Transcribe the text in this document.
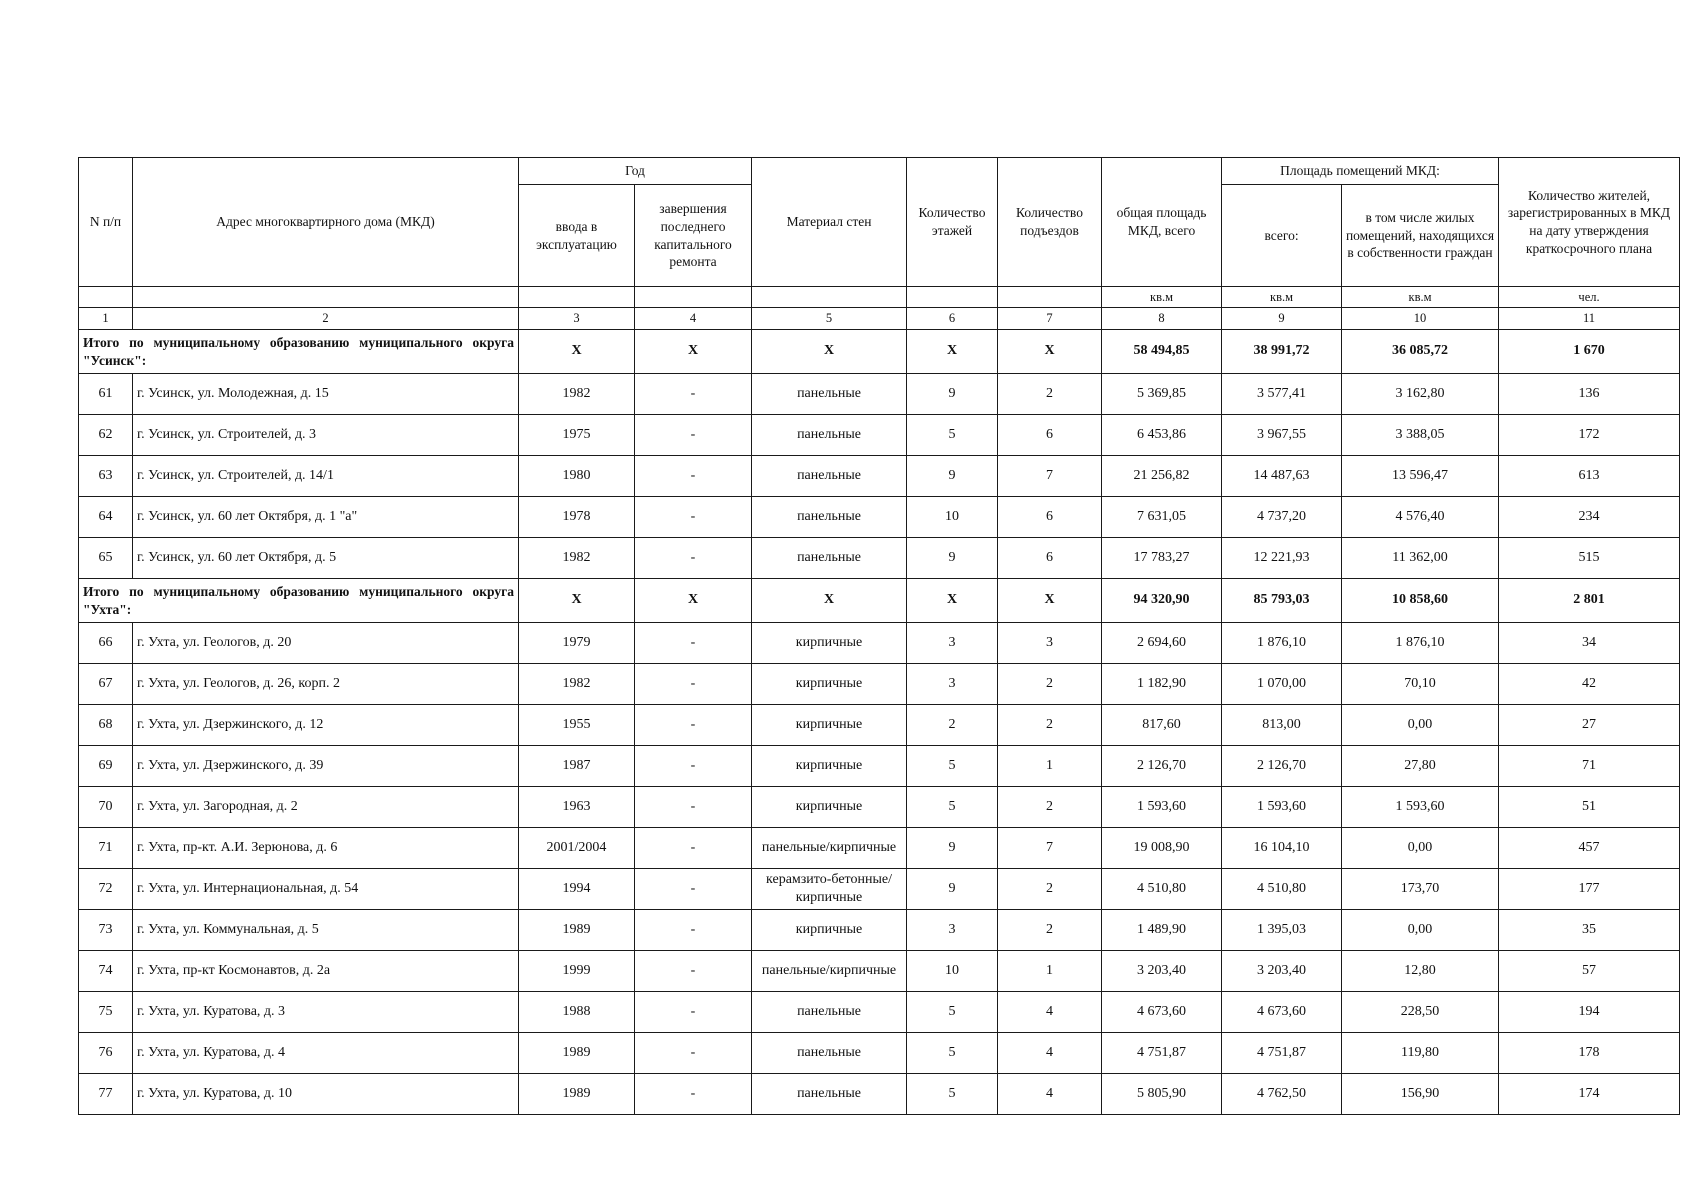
N п/п	Адрес многоквартирного дома (МКД)	Год		Материал стен	Количество этажей	Количество подъездов	общая площадь МКД, всего	Площадь помещений МКД:		Количество жителей, зарегистрированных в МКД на дату утверждения краткосрочного плана
		ввода в эксплуатацию	завершения последнего капитального ремонта					всего:	в том числе жилых помещений, находящихся в собственности граждан	
							кв.м	кв.м	кв.м	чел.
1	2	3	4	5	6	7	8	9	10	11
Итого по муниципальному образованию муниципального округа "Усинск":		X	X	X	X	X	58 494,85	38 991,72	36 085,72	1 670
61	г. Усинск, ул. Молодежная, д. 15	1982	-	панельные	9	2	5 369,85	3 577,41	3 162,80	136
62	г. Усинск, ул. Строителей, д. 3	1975	-	панельные	5	6	6 453,86	3 967,55	3 388,05	172
63	г. Усинск, ул. Строителей, д. 14/1	1980	-	панельные	9	7	21 256,82	14 487,63	13 596,47	613
64	г. Усинск, ул. 60 лет Октября, д. 1 "а"	1978	-	панельные	10	6	7 631,05	4 737,20	4 576,40	234
65	г. Усинск, ул. 60 лет Октября, д. 5	1982	-	панельные	9	6	17 783,27	12 221,93	11 362,00	515
Итого по муниципальному образованию муниципального округа "Ухта":		X	X	X	X	X	94 320,90	85 793,03	10 858,60	2 801
66	г. Ухта, ул. Геологов, д. 20	1979	-	кирпичные	3	3	2 694,60	1 876,10	1 876,10	34
67	г. Ухта, ул. Геологов, д. 26, корп. 2	1982	-	кирпичные	3	2	1 182,90	1 070,00	70,10	42
68	г. Ухта, ул. Дзержинского, д. 12	1955	-	кирпичные	2	2	817,60	813,00	0,00	27
69	г. Ухта, ул. Дзержинского, д. 39	1987	-	кирпичные	5	1	2 126,70	2 126,70	27,80	71
70	г. Ухта, ул. Загородная, д. 2	1963	-	кирпичные	5	2	1 593,60	1 593,60	1 593,60	51
71	г. Ухта, пр-кт. А.И. Зерюнова, д. 6	2001/2004	-	панельные/кирпичные	9	7	19 008,90	16 104,10	0,00	457
72	г. Ухта, ул. Интернациональная, д. 54	1994	-	керамзито-бетонные/кирпичные	9	2	4 510,80	4 510,80	173,70	177
73	г. Ухта, ул. Коммунальная, д. 5	1989	-	кирпичные	3	2	1 489,90	1 395,03	0,00	35
74	г. Ухта, пр-кт Космонавтов, д. 2а	1999	-	панельные/кирпичные	10	1	3 203,40	3 203,40	12,80	57
75	г. Ухта, ул. Куратова, д. 3	1988	-	панельные	5	4	4 673,60	4 673,60	228,50	194
76	г. Ухта, ул. Куратова, д. 4	1989	-	панельные	5	4	4 751,87	4 751,87	119,80	178
77	г. Ухта, ул. Куратова, д. 10	1989	-	панельные	5	4	5 805,90	4 762,50	156,90	174
